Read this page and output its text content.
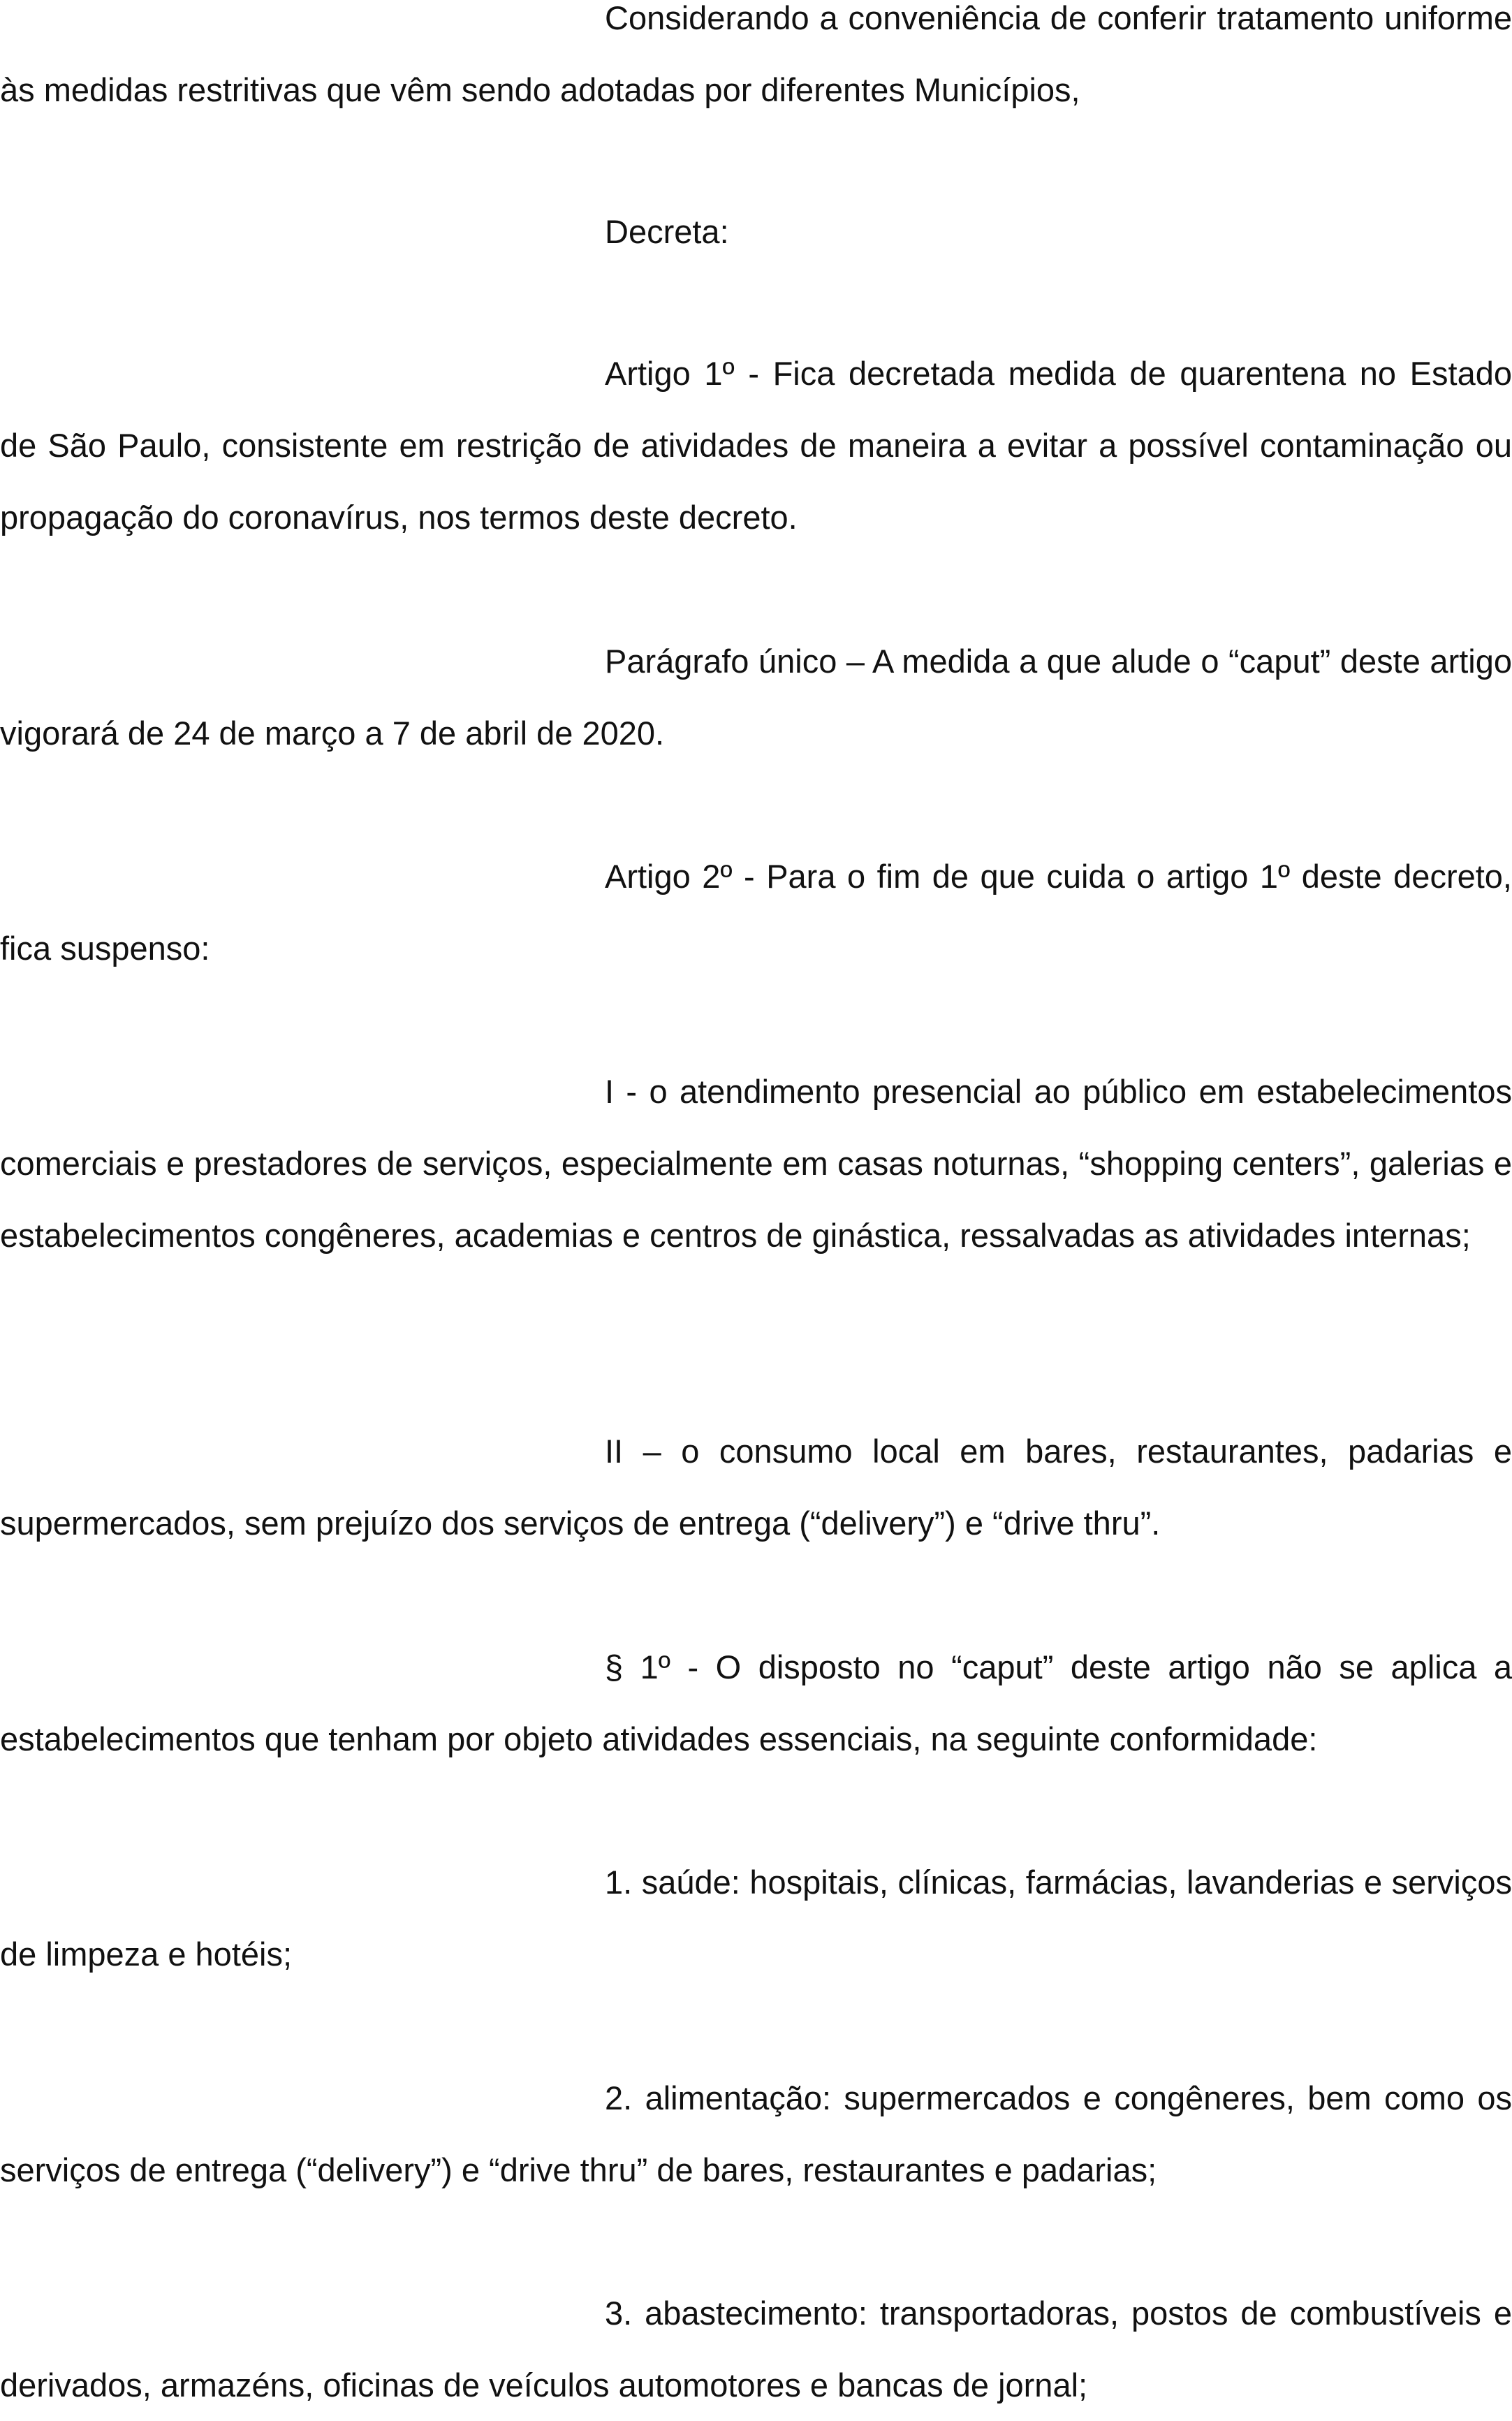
Considerando a conveniência de conferir tratamento uniforme às medidas restritivas que vêm sendo adotadas por diferentes Municípios,

Decreta:

Artigo 1º - Fica decretada medida de quarentena no Estado de São Paulo, consistente em restrição de atividades de maneira a evitar a possível contaminação ou propagação do coronavírus, nos termos deste decreto.

Parágrafo único – A medida a que alude o “caput” deste artigo vigorará de 24 de março a 7 de abril de 2020.

Artigo 2º - Para o fim de que cuida o artigo 1º deste decreto, fica suspenso:

I - o atendimento presencial ao público em estabelecimentos comerciais e prestadores de serviços, especialmente em casas noturnas, “shopping centers”, galerias e estabelecimentos congêneres, academias e centros de ginástica, ressalvadas as atividades internas;

II – o consumo local em bares, restaurantes, padarias e supermercados, sem prejuízo dos serviços de entrega (“delivery”) e “drive thru”.

§ 1º - O disposto no “caput” deste artigo não se aplica a estabelecimentos que tenham por objeto atividades essenciais, na seguinte conformidade:

1. saúde: hospitais, clínicas, farmácias, lavanderias e serviços de limpeza e hotéis;

2. alimentação: supermercados e congêneres, bem como os serviços de entrega (“delivery”) e “drive thru” de bares, restaurantes e padarias;

3. abastecimento: transportadoras, postos de combustíveis e derivados, armazéns, oficinas de veículos automotores e bancas de jornal;
